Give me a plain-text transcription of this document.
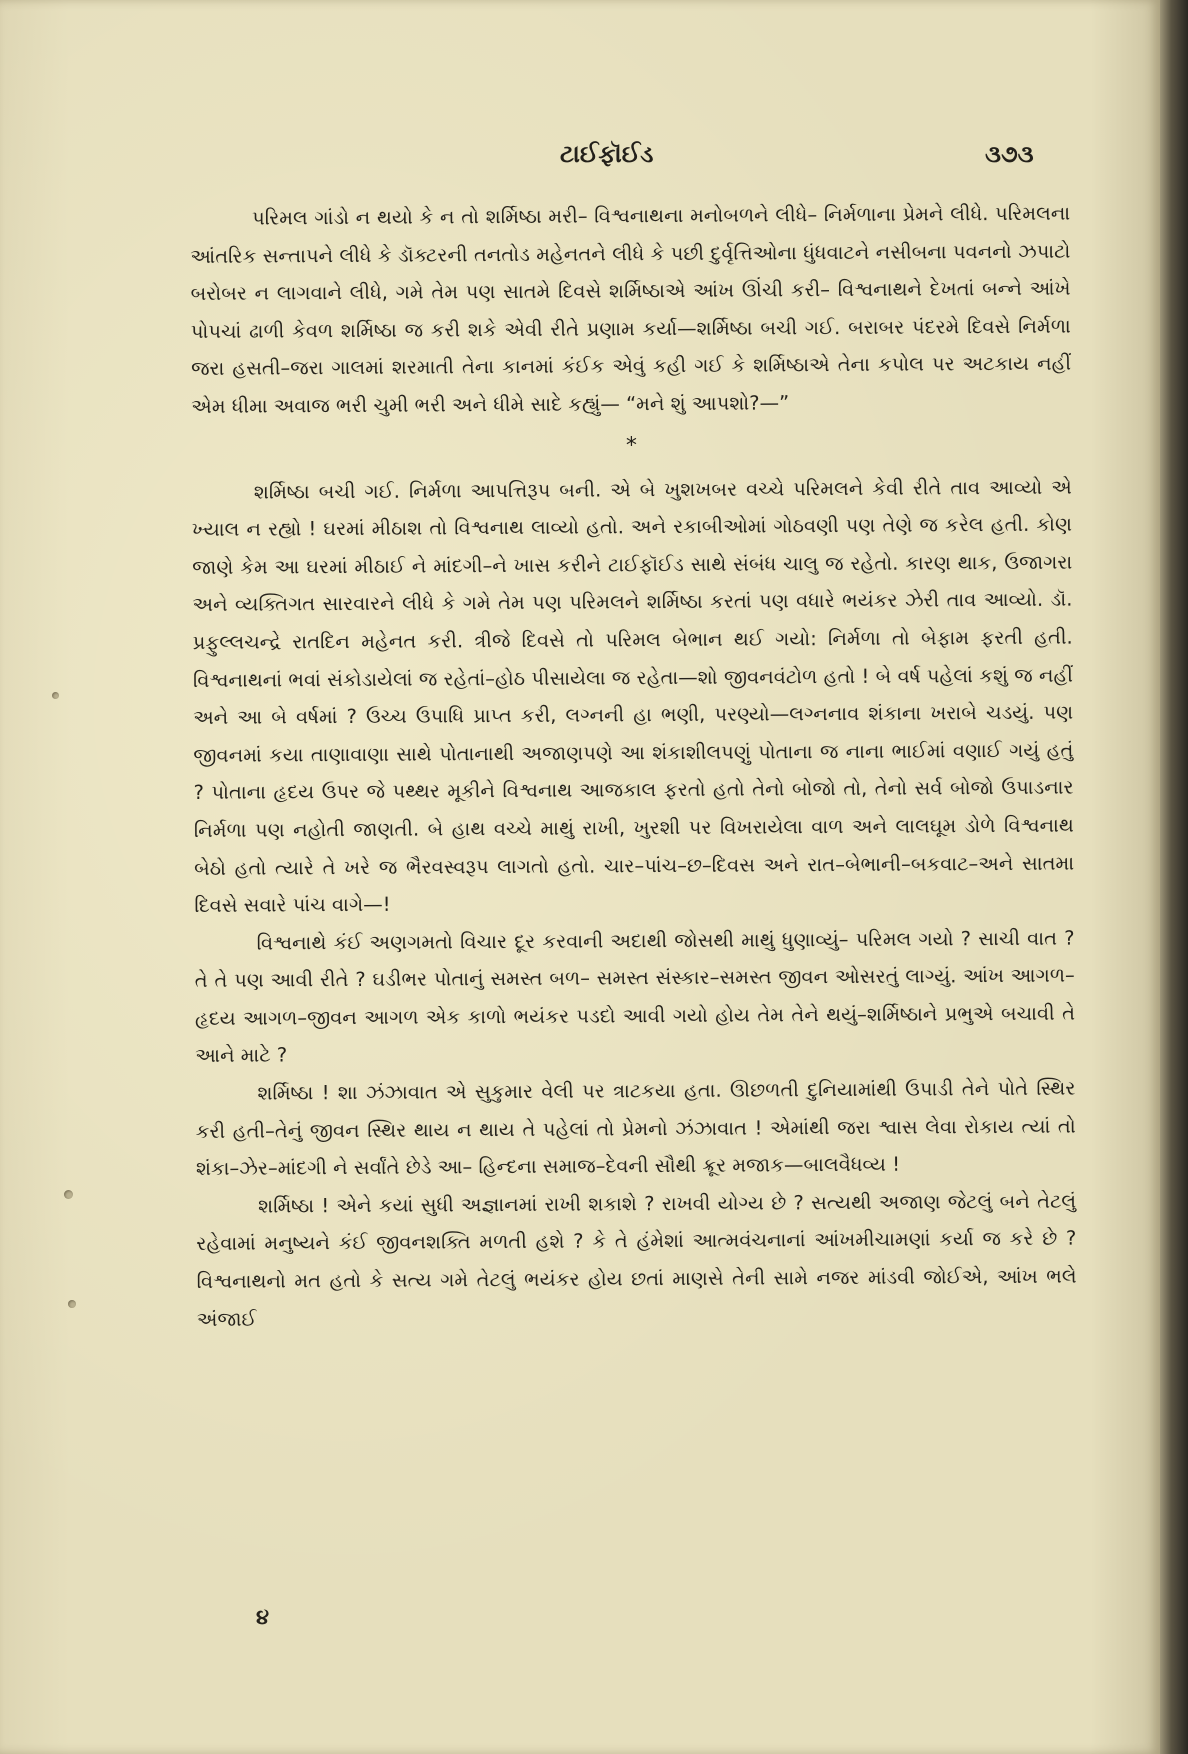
ટાઈફૉઈડ	૩૭૩

પરિમલ ગાંડો ન થયો કે ન તો શર્મિષ્ઠા મરી– વિશ્વનાથના મનોબળને લીધે– નિર્મળાના પ્રેમને લીધે. પરિમલના આંતરિક સન્તાપને લીધે કે ડૉક્ટરની તનતોડ મહેનતને લીધે કે પછી દુર્વૃત્તિઓના ધુંધવાટને નસીબના પવનનો ઝપાટો બરોબર ન લાગવાને લીધે, ગમે તેમ પણ સાતમે દિવસે શર્મિષ્ઠાએ આંખ ઊંચી કરી– વિશ્વનાથને દેખતાં બન્ને આંખે પોપચાં ઢાળી કેવળ શર્મિષ્ઠા જ કરી શકે એવી રીતે પ્રણામ કર્યા—શર્મિષ્ઠા બચી ગઈ. બરાબર પંદરમે દિવસે નિર્મળા જરા હસતી–જરા ગાલમાં શરમાતી તેના કાનમાં કંઈક એવું કહી ગઈ કે શર્મિષ્ઠાએ તેના કપોલ પર અટકાય નહીં એમ ધીમા અવાજ ભરી ચુમી ભરી અને ધીમે સાદે કહ્યું— “મને શું આપશો?—”

*

શર્મિષ્ઠા બચી ગઈ. નિર્મળા આપત્તિરૂપ બની. એ બે ખુશખબર વચ્ચે પરિમલને કેવી રીતે તાવ આવ્યો એ ખ્યાલ ન રહ્યો ! ઘરમાં મીઠાશ તો વિશ્વનાથ લાવ્યો હતો. અને રકાબીઓમાં ગોઠવણી પણ તેણે જ કરેલ હતી. કોણ જાણે કેમ આ ઘરમાં મીઠાઈ ને માંદગી–ને ખાસ કરીને ટાઈફૉઈડ સાથે સંબંધ ચાલુ જ રહેતો. કારણ થાક, ઉજાગરા અને વ્યક્તિગત સારવારને લીધે કે ગમે તેમ પણ પરિમલને શર્મિષ્ઠા કરતાં પણ વધારે ભયંકર ઝેરી તાવ આવ્યો. ડૉ. પ્રફુલ્લચન્દ્રે રાતદિન મહેનત કરી. ત્રીજે દિવસે તો પરિમલ બેભાન થઈ ગયો: નિર્મળા તો બેફામ ફરતી હતી. વિશ્વનાથનાં ભવાં સંકોડાયેલાં જ રહેતાં–હોઠ પીસાયેલા જ રહેતા—શો જીવનવંટોળ હતો ! બે વર્ષ પહેલાં કશું જ નહીં અને આ બે વર્ષમાં ? ઉચ્ચ ઉપાધિ પ્રાપ્ત કરી, લગ્નની હા ભણી, પરણ્યો—લગ્નનાવ શંકાના ખરાબે ચડયું. પણ જીવનમાં કયા તાણાવાણા સાથે પોતાનાથી અજાણપણે આ શંકાશીલપણું પોતાના જ નાના ભાઈમાં વણાઈ ગયું હતું ? પોતાના હૃદય ઉપર જે પથ્થર મૂકીને વિશ્વનાથ આજકાલ ફરતો હતો તેનો બોજો તો, તેનો સર્વ બોજો ઉપાડનાર નિર્મળા પણ નહોતી જાણતી. બે હાથ વચ્ચે માથું રાખી, ખુરશી પર વિખરાયેલા વાળ અને લાલઘૂમ ડોળે વિશ્વનાથ બેઠો હતો ત્યારે તે ખરે જ ભૈરવસ્વરૂપ લાગતો હતો. ચાર–પાંચ–છ–દિવસ અને રાત–બેભાની–બકવાટ–અને સાતમા દિવસે સવારે પાંચ વાગે—!

વિશ્વનાથે કંઈ અણગમતો વિચાર દૂર કરવાની અદાથી જોસથી માથું ધુણાવ્યું– પરિમલ ગયો ? સાચી વાત ? તે તે પણ આવી રીતે ? ઘડીભર પોતાનું સમસ્ત બળ– સમસ્ત સંસ્કાર–સમસ્ત જીવન ઓસરતું લાગ્યું. આંખ આગળ–હૃદય આગળ–જીવન આગળ એક કાળો ભયંકર પડદો આવી ગયો હોય તેમ તેને થયું–શર્મિષ્ઠાને પ્રભુએ બચાવી તે આને માટે ?

શર્મિષ્ઠા ! શા ઝંઝાવાત એ સુકુમાર વેલી પર ત્રાટકયા હતા. ઊછળતી દુનિયામાંથી ઉપાડી તેને પોતે સ્થિર કરી હતી–તેનું જીવન સ્થિર થાય ન થાય તે પહેલાં તો પ્રેમનો ઝંઝાવાત ! એમાંથી જરા શ્વાસ લેવા રોકાય ત્યાં તો શંકા–ઝેર–માંદગી ને સર્વાંતે છેડે આ– હિન્દના સમાજ–દેવની સૌથી ક્રૂર મજાક—બાલવૈધવ્ય !

શર્મિષ્ઠા ! એને કયાં સુધી અજ્ઞાનમાં રાખી શકાશે ? રાખવી યોગ્ય છે ? સત્યથી અજાણ જેટલું બને તેટલું રહેવામાં મનુષ્યને કંઈ જીવનશક્તિ મળતી હશે ? કે તે હંમેશાં આત્મવંચનાનાં આંખમીચામણાં કર્યા જ કરે છે ? વિશ્વનાથનો મત હતો કે સત્ય ગમે તેટલું ભયંકર હોય છતાં માણસે તેની સામે નજર માંડવી જોઈએ, આંખ ભલે અંજાઈ

૪
